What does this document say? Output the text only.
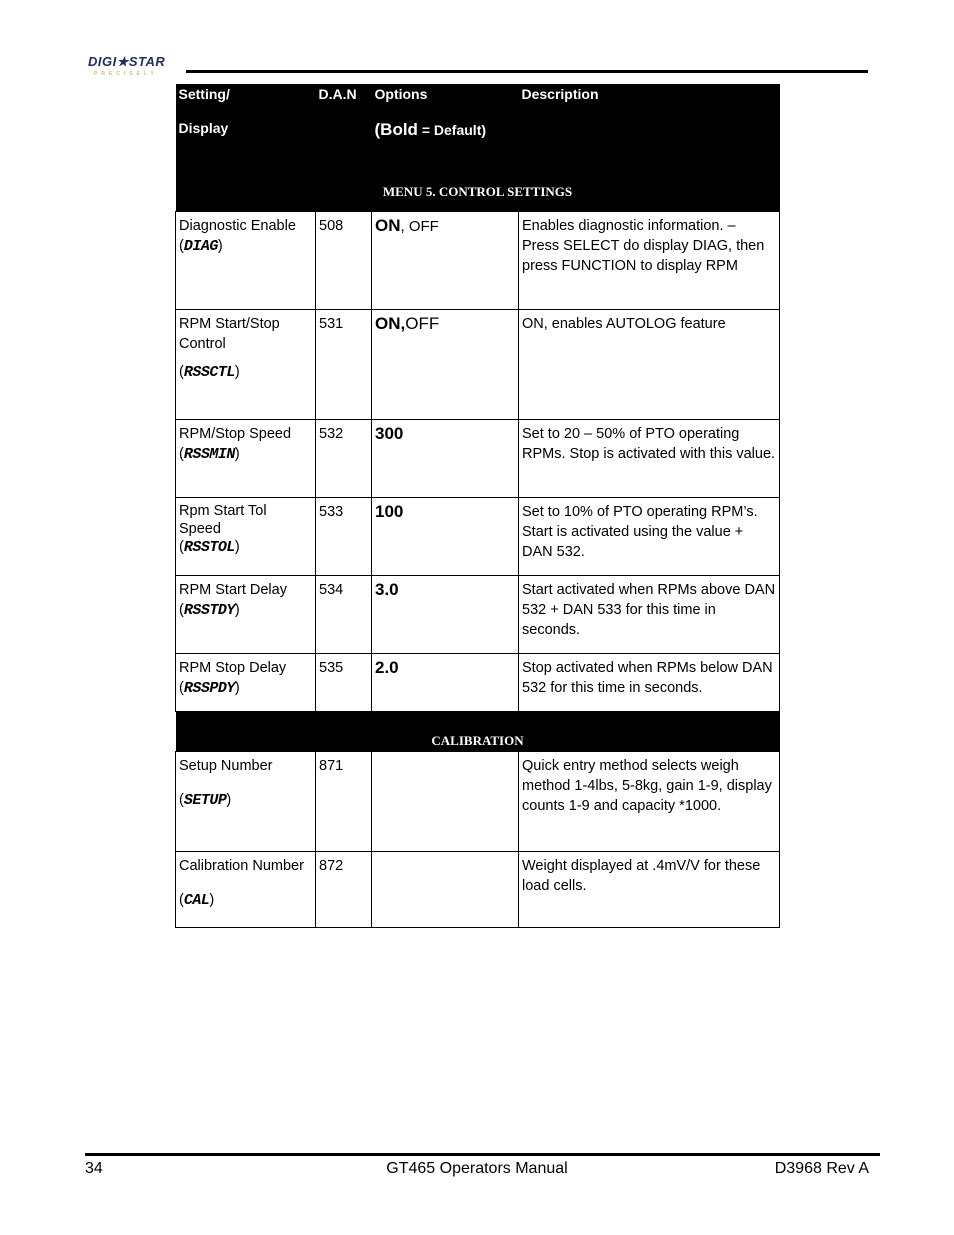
DIGI★STAR
PRECISELY
Setting/
Display	D.A.N	Options
(Bold = Default)	Description
MENU 5. CONTROL SETTINGS			
Diagnostic Enable
(DIAG)	508	ON, OFF	Enables diagnostic information. – Press SELECT do display DIAG, then press FUNCTION to display RPM
RPM Start/Stop Control
(RSSCTL)	531	ON,OFF	ON, enables AUTOLOG feature
RPM/Stop Speed
(RSSMIN)	532	300	Set to 20 – 50% of PTO operating RPMs. Stop is activated with this value.
Rpm Start Tol Speed
(RSSTOL)	533	100	Set to 10% of PTO operating RPM’s. Start is activated using the value + DAN 532.
RPM Start Delay
(RSSTDY)	534	3.0	Start activated when RPMs above DAN 532 + DAN 533 for this time in seconds.
RPM Stop Delay
(RSSPDY)	535	2.0	Stop activated when RPMs below DAN 532 for this time in seconds.
CALIBRATION			
Setup Number
(SETUP)	871		Quick entry method selects weigh method 1-4lbs, 5-8kg, gain 1-9, display counts 1-9 and capacity *1000.
Calibration Number
(CAL)	872		Weight displayed at .4mV/V for these load cells.
GT465 Operators Manual
34	D3968 Rev A
